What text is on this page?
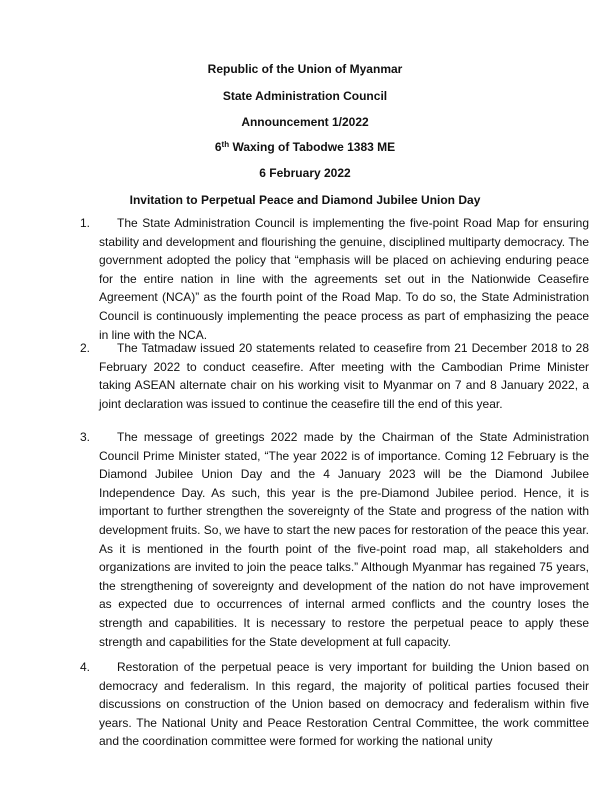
Republic of the Union of Myanmar
State Administration Council
Announcement 1/2022
6th Waxing of Tabodwe 1383 ME
6 February 2022
Invitation to Perpetual Peace and Diamond Jubilee Union Day
1.	The State Administration Council is implementing the five-point Road Map for ensuring stability and development and flourishing the genuine, disciplined multiparty democracy. The government adopted the policy that “emphasis will be placed on achieving enduring peace for the entire nation in line with the agreements set out in the Nationwide Ceasefire Agreement (NCA)” as the fourth point of the Road Map. To do so, the State Administration Council is continuously implementing the peace process as part of emphasizing the peace in line with the NCA.

2.	The Tatmadaw issued 20 statements related to ceasefire from 21 December 2018 to 28 February 2022 to conduct ceasefire. After meeting with the Cambodian Prime Minister taking ASEAN alternate chair on his working visit to Myanmar on 7 and 8 January 2022, a joint declaration was issued to continue the ceasefire till the end of this year.

3.	The message of greetings 2022 made by the Chairman of the State Administration Council Prime Minister stated, “The year 2022 is of importance. Coming 12 February is the Diamond Jubilee Union Day and the 4 January 2023 will be the Diamond Jubilee Independence Day. As such, this year is the pre-Diamond Jubilee period. Hence, it is important to further strengthen the sovereignty of the State and progress of the nation with development fruits. So, we have to start the new paces for restoration of the peace this year. As it is mentioned in the fourth point of the five-point road map, all stakeholders and organizations are invited to join the peace talks.” Although Myanmar has regained 75 years, the strengthening of sovereignty and development of the nation do not have improvement as expected due to occurrences of internal armed conflicts and the country loses the strength and capabilities. It is necessary to restore the perpetual peace to apply these strength and capabilities for the State development at full capacity.

4.	Restoration of the perpetual peace is very important for building the Union based on democracy and federalism. In this regard, the majority of political parties focused their discussions on construction of the Union based on democracy and federalism within five years. The National Unity and Peace Restoration Central Committee, the work committee and the coordination committee were formed for working the national unity
